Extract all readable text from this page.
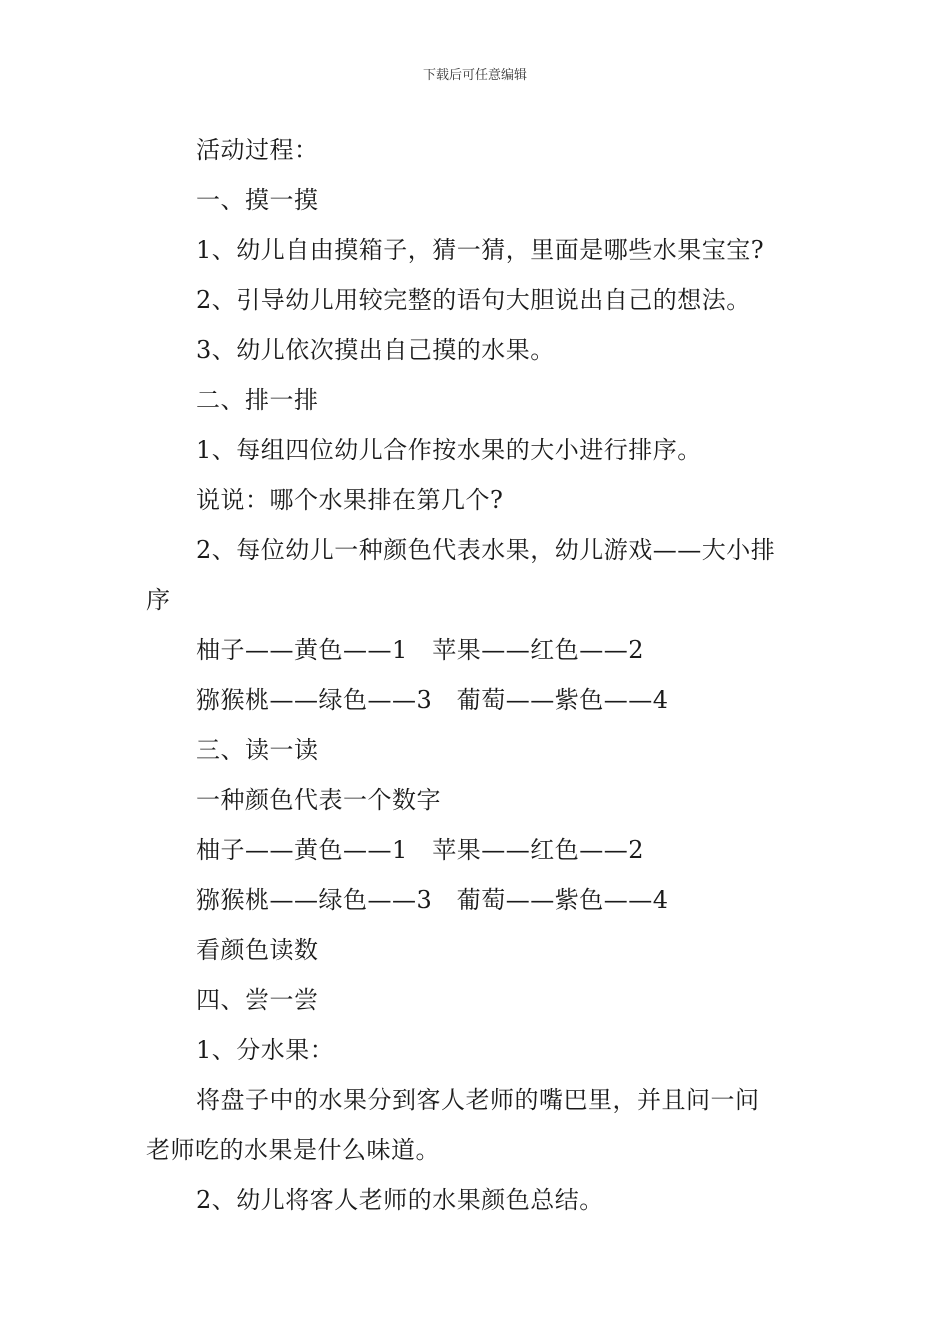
下载后可任意编辑
活动过程：
一、摸一摸
1、幼儿自由摸箱子，猜一猜，里面是哪些水果宝宝?
2、引导幼儿用较完整的语句大胆说出自己的想法。
3、幼儿依次摸出自己摸的水果。
二、排一排
1、每组四位幼儿合作按水果的大小进行排序。
说说：哪个水果排在第几个?
2、每位幼儿一种颜色代表水果，幼儿游戏——大小排
序
柚子——黄色——1　苹果——红色——2
猕猴桃——绿色——3　葡萄——紫色——4
三、读一读
一种颜色代表一个数字
柚子——黄色——1　苹果——红色——2
猕猴桃——绿色——3　葡萄——紫色——4
看颜色读数
四、尝一尝
1、分水果：
将盘子中的水果分到客人老师的嘴巴里，并且问一问
老师吃的水果是什么味道。
2、幼儿将客人老师的水果颜色总结。
